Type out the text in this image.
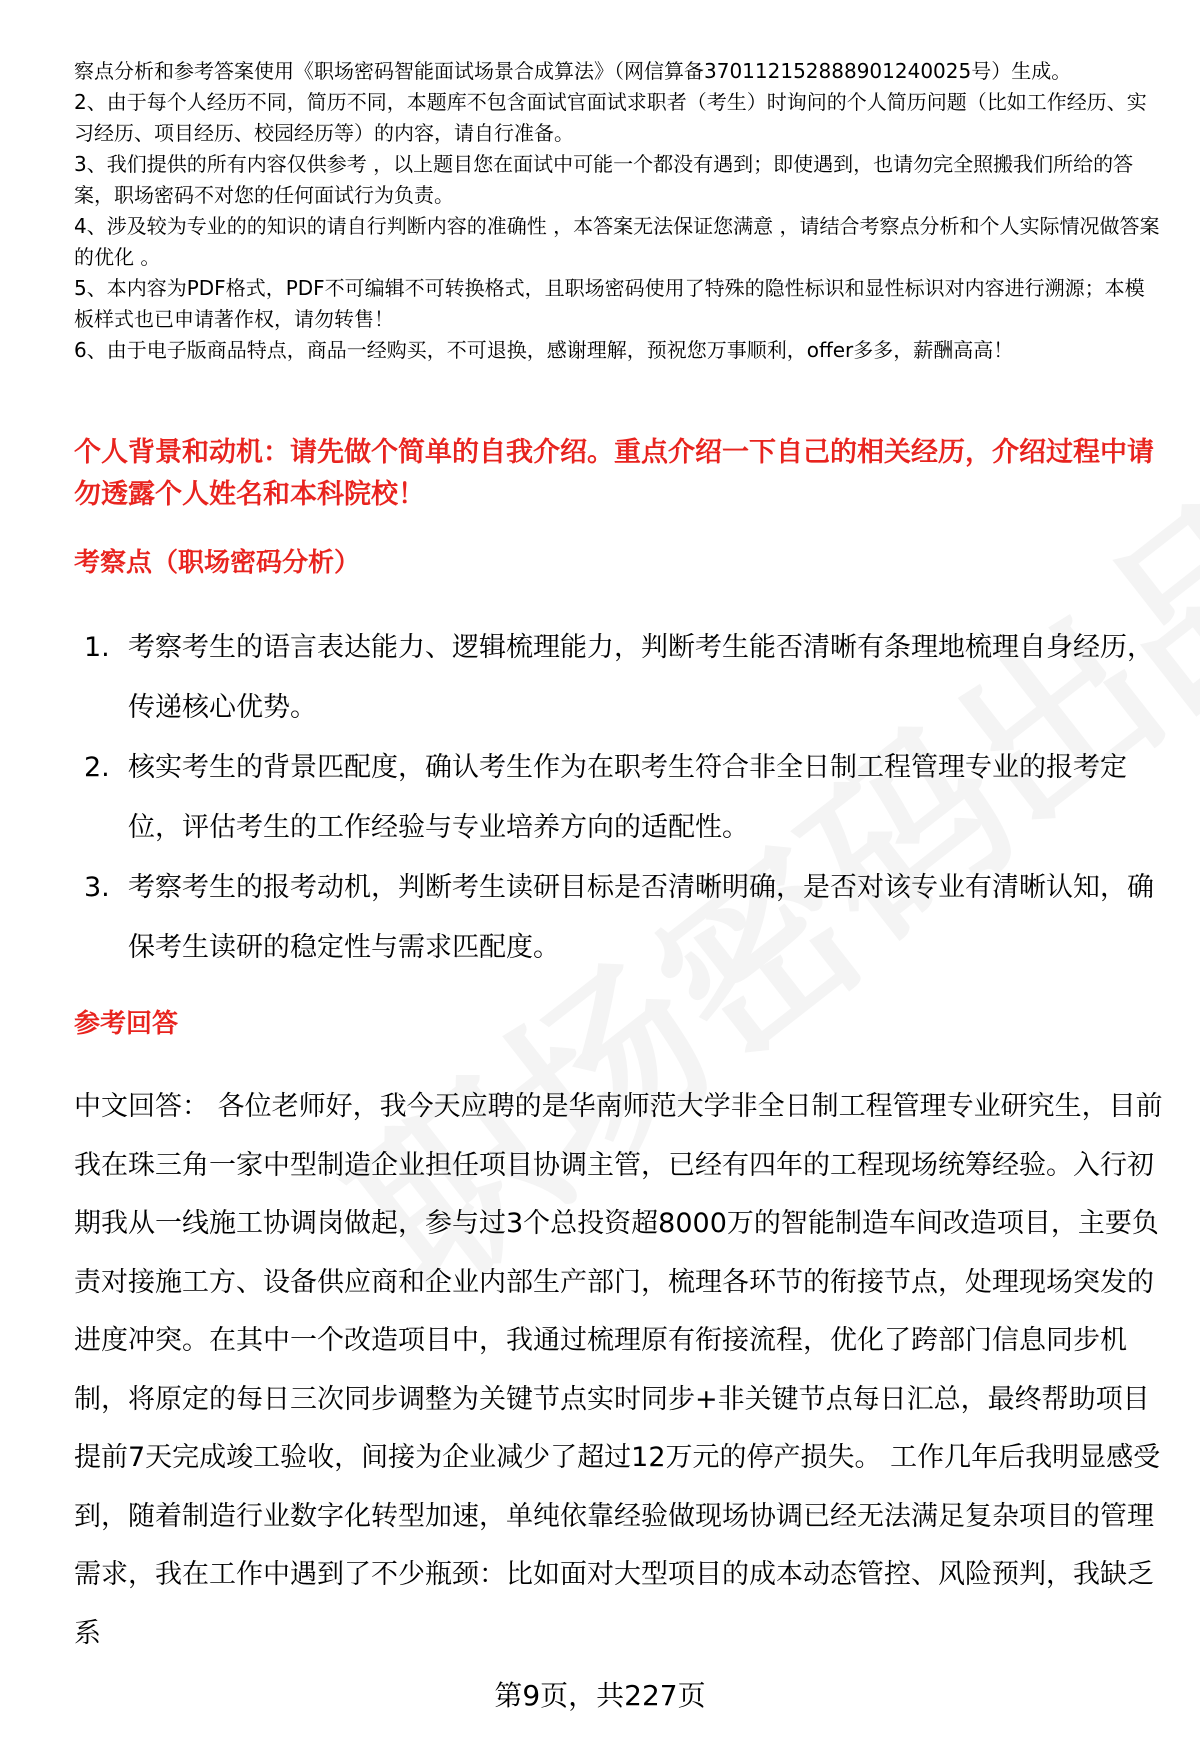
察点分析和参考答案使用《职场密码智能面试场景合成算法》（网信算备370112152888901240025号）生成。

2、由于每个人经历不同，简历不同，本题库不包含面试官面试求职者（考生）时询问的个人简历问题（比如工作经历、实习经历、项目经历、校园经历等）的内容，请自行准备。

3、我们提供的所有内容仅供参考 ，以上题目您在面试中可能一个都没有遇到；即使遇到，也请勿完全照搬我们所给的答案，职场密码不对您的任何面试行为负责。

4、涉及较为专业的的知识的请自行判断内容的准确性 ，本答案无法保证您满意 ，请结合考察点分析和个人实际情况做答案的优化 。

5、本内容为PDF格式，PDF不可编辑不可转换格式，且职场密码使用了特殊的隐性标识和显性标识对内容进行溯源；本模板样式也已申请著作权，请勿转售！

6、由于电子版商品特点，商品一经购买，不可退换，感谢理解，预祝您万事顺利，offer多多，薪酬高高！

个人背景和动机：请先做个简单的自我介绍。重点介绍一下自己的相关经历，介绍过程中请勿透露个人姓名和本科院校！
考察点（职场密码分析）
1. 考察考生的语言表达能力、逻辑梳理能力，判断考生能否清晰有条理地梳理自身经历，传递核心优势。
2. 核实考生的背景匹配度，确认考生作为在职考生符合非全日制工程管理专业的报考定位，评估考生的工作经验与专业培养方向的适配性。
3. 考察考生的报考动机，判断考生读研目标是否清晰明确，是否对该专业有清晰认知，确保考生读研的稳定性与需求匹配度。
参考回答

中文回答： 各位老师好，我今天应聘的是华南师范大学非全日制工程管理专业研究生，目前我在珠三角一家中型制造企业担任项目协调主管，已经有四年的工程现场统筹经验。入行初期我从一线施工协调岗做起，参与过3个总投资超8000万的智能制造车间改造项目，主要负责对接施工方、设备供应商和企业内部生产部门，梳理各环节的衔接节点，处理现场突发的进度冲突。在其中一个改造项目中，我通过梳理原有衔接流程，优化了跨部门信息同步机制，将原定的每日三次同步调整为关键节点实时同步+非关键节点每日汇总，最终帮助项目提前7天完成竣工验收，间接为企业减少了超过12万元的停产损失。 工作几年后我明显感受到，随着制造行业数字化转型加速，单纯依靠经验做现场协调已经无法满足复杂项目的管理需求，我在工作中遇到了不少瓶颈：比如面对大型项目的成本动态管控、风险预判，我缺乏系

第9页，共227页
